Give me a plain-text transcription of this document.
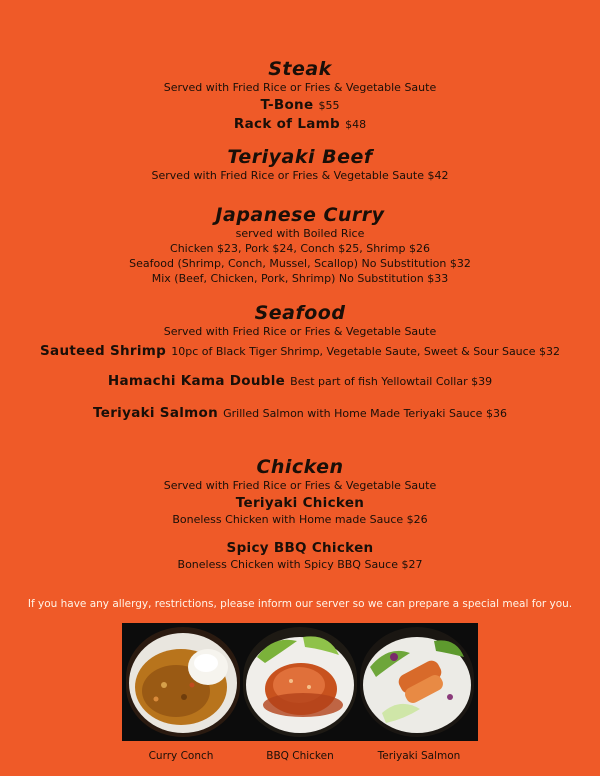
Steak

Served with Fried Rice or Fries & Vegetable Saute

T-Bone $55

Rack of Lamb $48

Teriyaki Beef

Served with Fried Rice or Fries & Vegetable Saute $42

Japanese Curry

served with Boiled Rice

Chicken $23, Pork $24, Conch $25, Shrimp $26

Seafood (Shrimp, Conch, Mussel, Scallop) No Substitution $32

Mix (Beef, Chicken, Pork, Shrimp) No Substitution $33

Seafood

Served with Fried Rice or Fries & Vegetable Saute

Sauteed Shrimp 10pc of Black Tiger Shrimp, Vegetable Saute, Sweet & Sour Sauce $32

Hamachi Kama Double Best part of fish Yellowtail Collar $39

Teriyaki Salmon Grilled Salmon with Home Made Teriyaki Sauce $36

Chicken

Served with Fried Rice or Fries & Vegetable Saute

Teriyaki Chicken

Boneless Chicken with Home made Sauce $26

Spicy BBQ Chicken

Boneless Chicken with Spicy BBQ Sauce $27

If you have any allergy, restrictions, please inform our server so we can prepare a special meal for you.
Curry Conch	BBQ Chicken	Teriyaki Salmon
